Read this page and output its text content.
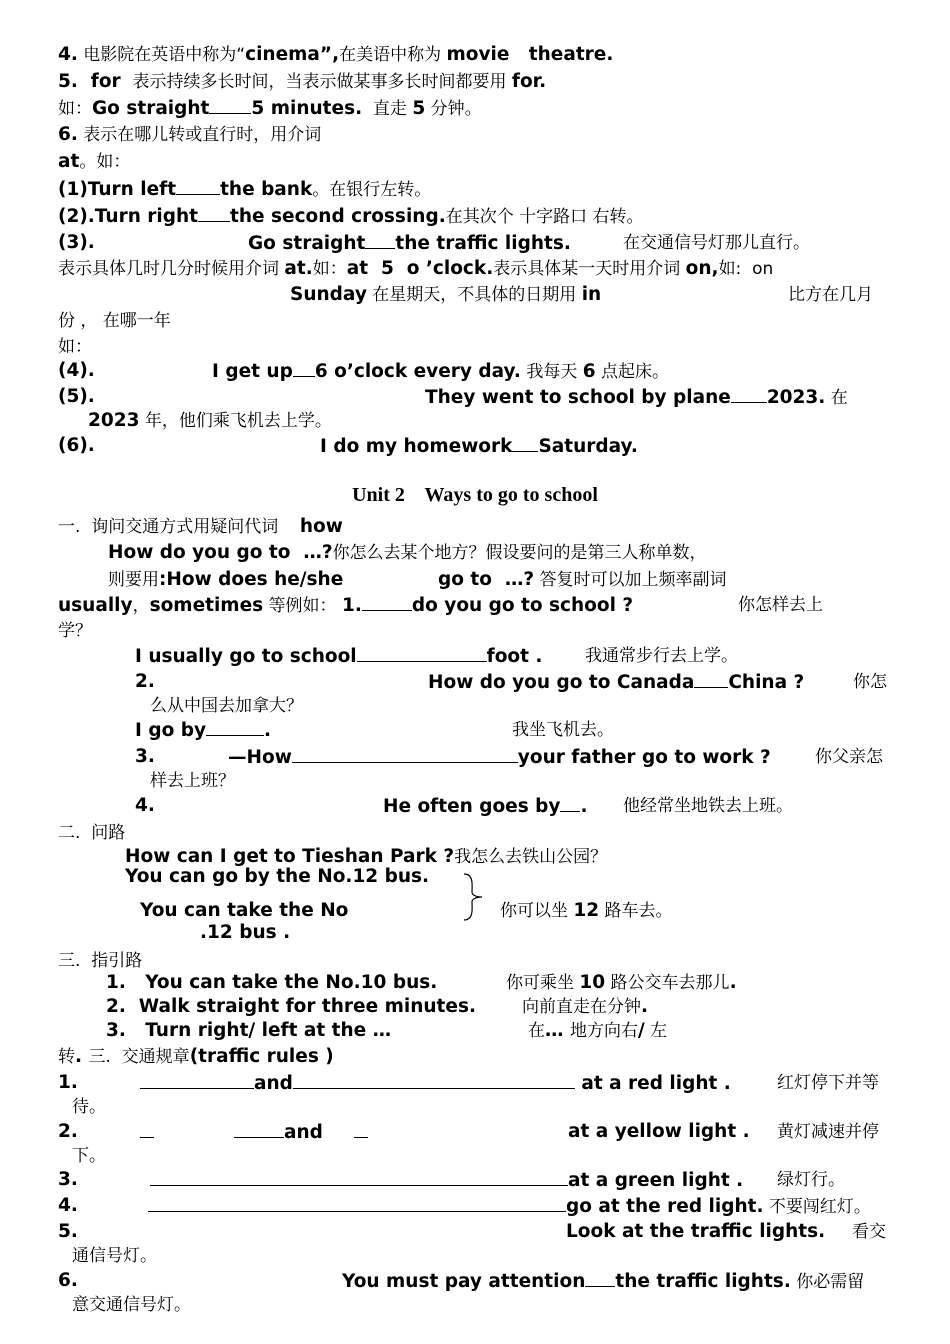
4. 电影院在英语中称为“cinema”,在美语中称为 movie   theatre.
5.  for  表示持续多长时间，当表示做某事多长时间都要用 for.
如：Go straight 5 minutes.  直走 5 分钟。
6. 表示在哪儿转或直行时，用介词
at。如：
(1)Turn left the bank。在银行左转。
(2).Turn right the second crossing.在其次个 十字路口 右转。
(3).	Go straight the traffic lights.	在交通信号灯那儿直行。
表示具体几时几分时候用介词 at.如：at  5  o ’clock.表示具体某一天时用介词 on,如:  on
Sunday 在星期天，不具体的日期用 in	比方在几月
份 ， 在哪一年
如：
(4).	I get up 6 o’clock every day. 我每天 6 点起床。
(5).	They went to school by plane 2023. 在
2023 年，他们乘飞机去上学。
(6).	I do my homework Saturday.
Unit 2    Ways to go to school
一.  询问交通方式用疑问代词    how
How do you go to  …?你怎么去某个地方？假设要问的是第三人称单数，
则要用:How does he/she	go to  …? 答复时可以加上频率副词
usually，sometimes 等例如： 1.	do you go to school ?	你怎样去上
学？
I usually go to school	foot .	我通常步行去上学。
2.	How do you go to Canada China ?	你怎
么从中国去加拿大？
I go by	.	我坐飞机去。
3.	—How	your father go to work ?	你父亲怎
样去上班？
4.	He often goes by . 他经常坐地铁去上班。
二.  问路
How can I get to Tieshan Park ?我怎么去铁山公园？
You can go by the No.12 bus.
You can take the No
.12 bus .
你可以坐 12 路车去。
三.  指引路
1.   You can take the No.10 bus.	你可乘坐 10 路公交车去那儿.
2.  Walk straight for three minutes.	向前直走在分钟.
3.   Turn right/ left at the …	在… 地方向右/ 左
转. 三.  交通规章(traffic rules )
1.	and	at a red light .	红灯停下并等
待。
2.	and	at a yellow light . 黄灯减速并停
下。
3.	at a green light . 绿灯行。
4.	go at the red light. 不要闯红灯。
5.	Look at the traffic lights. 看交
通信号灯。
6.	You must pay attention the traffic lights. 你必需留
意交通信号灯。
